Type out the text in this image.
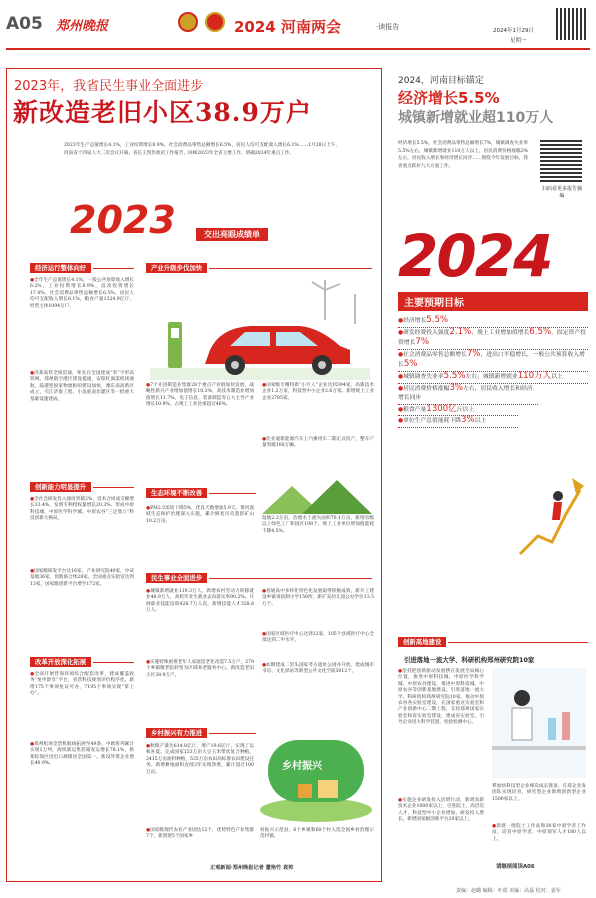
A05 郑州晚报	2024 河南两会	·读报告	2024年1月29日
星期一
2023年，我省民生事业全面进步
新改造老旧小区38.9万户
2023年生产总值增长4.1%，工业投资增长8.9%，社会消费品零售总额增长6.5%，居民人均可支配收入增长6.1%……1月28日上午，河南省十四届人大二次会议开幕。省长王凯作政府工作报告，回顾2023年全省主要工作，明确2024年重点工作。
2023	交出亮眼成绩单
经济运行整体向好
●全年生产总值增长4.1%，一般公共预算收入增长6.2%，工业投资增长8.9%，技改投资增长17.4%，社会消费品零售总额增长6.5%，居民人均可支配收入增长6.1%，粮食产量1324.9亿斤，经营主体1094万户。
●济郑高铁全线贯通，率先在全国建成“米”字形高铁网。郑州航空港区建设提速，安阳红旗渠机场通航，陆港型国家物流枢纽建设加快，豫东南高新区成立，引江济淮工程、小浪底南岸灌区等一批重大基础设施建成。
创新能力明显提升
●全社会研发投入强度突破2%，技术合同成交额增长33.4%，发明专利授权量增长20.3%。形成中原科技城、中原医学科学城、中原农谷“三足鼎立”科技创新大格局。
●国家级研发平台达16家，产业研究院40家，中试基地36家，创新联合体28家。全国重点实验室达到13家，国家级创新平台增至172家。
改革开放深化拓展
●全面开展营商环境综合配套改革，建成覆盖政务“免申即享”平台，省营科技规划评价程序化。新增175个事项免证可办，7195个事项实现“掌上办”。
●郑州机场全货机航线拓展至49条，中欧班列累计实现1万列，海铁联运集装箱发运增长78.1%，新郑综保区进出口规模居全国第一。新设外资企业增长40.9%。
产业升级步伐加快
●7个先进制造业集群28个重点产业链加快发展，战略性新兴产业增加值增长10.3%，高技术制造业增加值增长11.7%，电子信息、装备制造等五大主导产业增长10.9%，占规上工业比重超过46%。
●国家级专精特新“小巨人”企业达到394家，高新技术企业1.2万家，科技型中小企业2.6万家。新增规上工业企业2785家。
●比亚迪新能源汽车上汽乘用车二期正式投产，整车产量突破100万辆。
生态环境不断改善
●PM2.5浓度下降5%，优良天数增加5.9天。黄河流域生态保护治理深入实施，累计修复历史遗留矿山10.2万亩，
湿地2.3万亩，治理水土流失面积70.1万亩。新增省级以上绿色工厂和园区198个，规上工业单位增加值能耗下降4.5%。
民生事业全面进步
●城镇新增就业119.3万人，新增农村劳动力转移就业48.9万人，高校毕业生就业去向落实率90.2%。开展职业技能培训428.7万人次，新增技能人才328.8万人。
●实施特殊困难老年人家庭适老化改造7.5万户，279个乡镇敬老院转型为区域养老服务中心。新改造老旧小区38.9万户。
●普通高中多样化特色化发展取得积极成效，新开工建设乡镇寄宿制小学150所，新扩充幼儿园公办学位13.5万个。
●国家区域医疗中心达到12家，105个县域医疗中心全部达到二甲水平。
●如期建成二里头国家考古遗址公园并开放，建成城市书房、文化驿站等新型公共文化空间3012个。
乡村振兴有力推进
●秋粮产量达614.8亿斤，增产19.6亿斤，实现了以秋补夏。完成国家153万亩大豆玉米带状复合种植，2415万亩油料种植，535万亩农田高标准农田建设任务。新增耕地面积连续3年实现净增，累计超过100万亩。
●国家级现代农业产业园达12个，优势特色产业集群7个，新创建5个国家乡
乡村振兴
村振兴示范县，6个乡镇和60个村入选全国乡村治理示范村镇。
正观新闻·郑州晚报记者 董艳竹 袁帅
2024，河南目标锚定
经济增长5.5%
城镇新增就业超110万人
经济增长5.5%，社会消费品零售总额增长7%，城镇调查失业率5.5%左右，城镇新增就业110万人以上，居民消费价格涨幅3%左右，居民收入增长和经济增长同步……围绕今年发展目标，我省重点抓好九大方面工作。
扫码看更多报告摘编
2024
主要预期目标
●经济增长5.5%
●研发经费投入强度2.1%，规上工业增加值增长6.5%，固定资产投资增长7%
●社会消费品零售总额增长7%，进出口平稳增长，一般公共预算收入增长5%
●城镇调查失业率5.5%左右，城镇新增就业110万人以上
●居民消费价格涨幅3%左右，居民收入增长和经济增长同步
●粮食产量1300亿斤以上
●单位生产总值能耗下降3%以上
创新高地建设
引进落地一流大学、科研机构郑州研究院10家
●坚持把创新驱动发展摆在发展全局核心位置，推进中原科技城、中原医学科学城、中原农谷建设，推进中原科技城、中原农谷等创新基地建设。引进落地一流大学、科研机构郑州研究院10家。推动中原农谷各实验室建设，在国家重点实验室和产业创新中心二期工程，支持郑州国家实验室和省实验室建设，建成省实验室，引导企业进大科学装置、检验检测中心。
●实施企业研发投入倍增行动，新增高新技术企业1000家以上，引进院士、高层次人才，科技型中小企业增加，研发投入增长。新增国家级创新平台20家以上。
系加快科技型企业梯次成长链条，在郑企业发团队实现培育，研究型企业新增创新型企业1500家以上。
●新建一批院士工作站和30家中原学者工作站，培育中原学者、中原领军人才180人以上。
请继续阅读A06
责编：赵璐 编辑：叶霞 美编：高磊 校对：姜军
